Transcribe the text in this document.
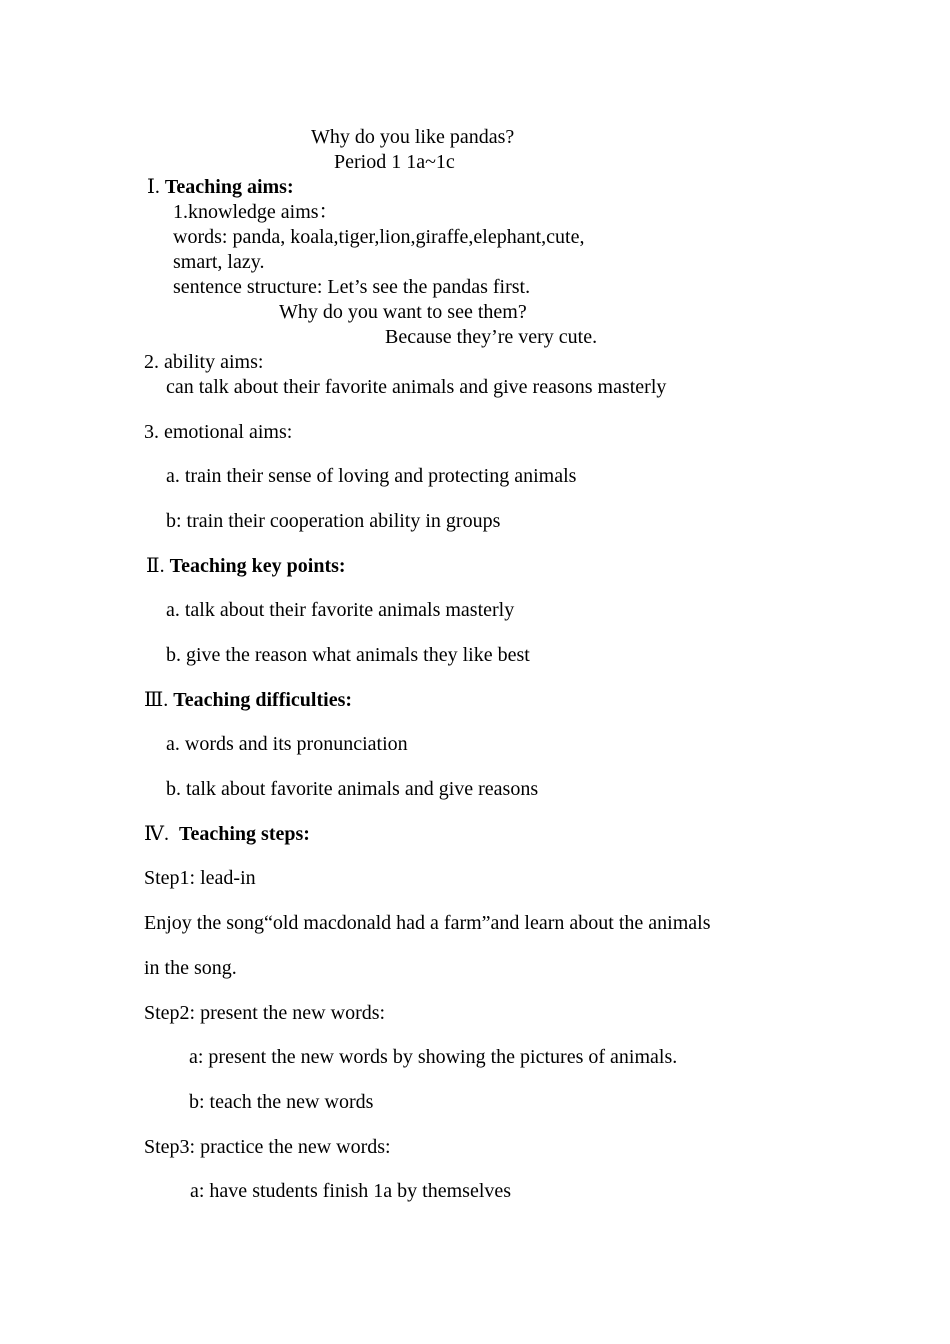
Why do you like pandas?

Period 1 1a~1c

Ⅰ. Teaching aims:

1.knowledge aims：

words: panda, koala,tiger,lion,giraffe,elephant,cute,

smart, lazy.

sentence structure: Let’s see the pandas first.

Why do you want to see them?

Because they’re very cute.

2. ability aims:

can talk about their favorite animals and give reasons masterly

3. emotional aims:

a. train their sense of loving and protecting animals

b: train their cooperation ability in groups

Ⅱ. Teaching key points:

a. talk about their favorite animals masterly

b. give the reason what animals they like best

Ⅲ. Teaching difficulties:

a. words and its pronunciation

b. talk about favorite animals and give reasons

Ⅳ. Teaching steps:

Step1: lead-in

Enjoy the song“old macdonald had a farm”and learn about the animals

in the song.

Step2: present the new words:

a: present the new words by showing the pictures of animals.

b: teach the new words

Step3: practice the new words:

a: have students finish 1a by themselves
